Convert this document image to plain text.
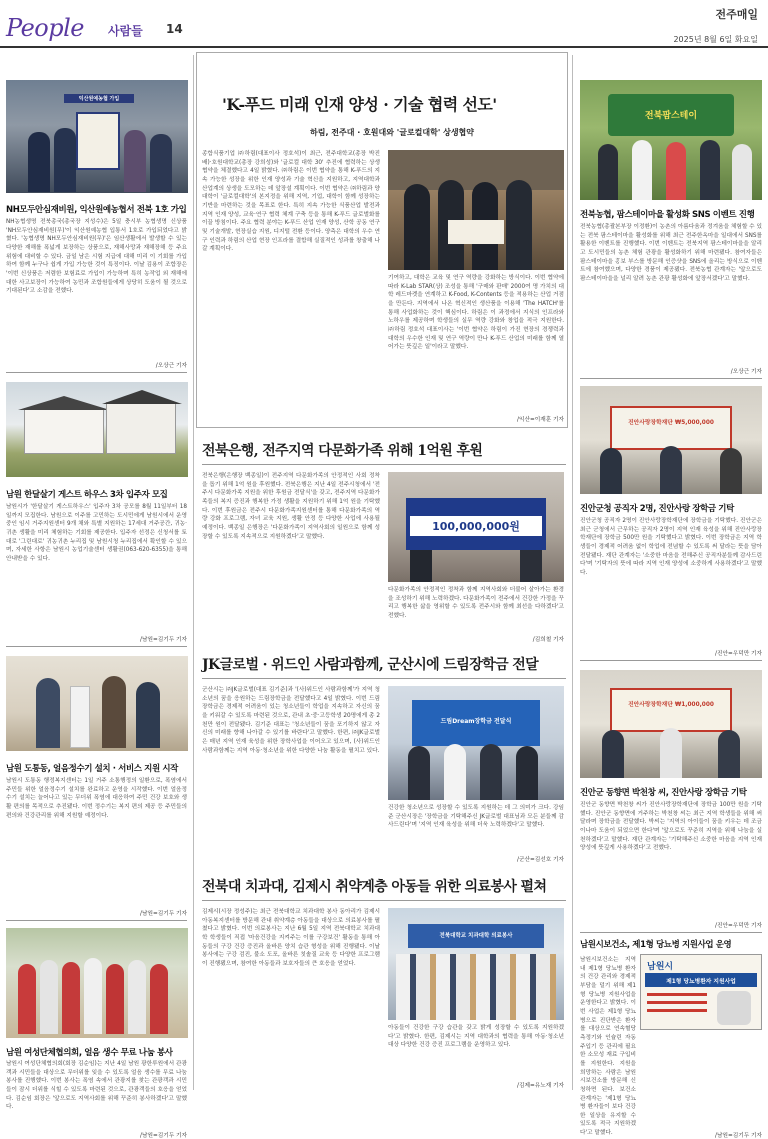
People 사람들 14
전주매일
2025년 8월 6일 화요일
익산원예농협 가입
NH모두안심재비원, 익산원예농협서 전북 1호 가입

NH농협생명 전북총국(총국장 지성수)은 5일 충시부 농협생명 신상품 'NH모두안심재비원(무)'이 익산원예농협 입통서 1호로 가입되었다고 밝혔다. '농협생명 NH모두안심재비원(무)'은 임산생활에서 발생할 수 있는 다양한 재해를 폭넓게 보장하는 상품으로, 재해사망과 재해장해 등 주요 위험에 대비할 수 있다. 금일 남은 시험 지급에 대해 미리 이 기회를 가입하여 함께 누구나 쉽게 가입 가능한 것이 특징이다. 이날 김용이 조합장은 '이번 신상품은 저렴한 보험료로 가입이 가능하며 특히 농작업 외 재해에 대한 사고보장이 가능하여 농민과 조합원들에게 상당히 도움이 될 것으로 기대된다'고 소감을 전했다.

/오상근 기자
남원 한달살기 게스트 하우스 3차 입주자 모집

남원시가 '한달살기 게스트하우스' 입주자 3차 공모를 8월 11일부터 18일까지 모집한다. 남원으로 이주를 고민하는 도시민에게 남원시에서 운영 중인 임시 거주지원센터 9개 채와 특별 지원하는 17세대 거주공간, 귀농·귀촌 생활을 미리 체험하는 기회를 제공한다. 입주자 선정은 신청서를 토대로 '그린대로' 귀농귀촌 누리집 및 남원시청 누리집에서 확인할 수 있으며, 자세한 사항은 남원시 농업기술센터 생활권(063-620-6355)을 통해 안내받을 수 있다.

/남원=김기두 기자
남원 도통동, 얼음정수기 설치 · 서비스 지원 시작

남원시 도통동 행정복지센터는 1일 거주 소통행정의 일환으로, 폭염에서 주민들 위한 얼음정수기 설치를 완료하고 운영을 시작했다. 이번 얼음정수기 설치는 늘어나고 있는 무더위 폭염에 대응하여 주민 건강 보호와 생활 편의를 목적으로 추진됐다. 이번 정수기는 복지 편의 제공 등 주민들의 편의와 건강관리를 위해 지원할 예정이다.

/남원=김기두 기자
남원 여성단체협의회, 얼음 생수 무료 나눔 봉사

남원시 여성단체협의회(회장 김순임)는 지난 4일 남원 광한루원에서 관광객과 시민들을 대상으로 무더위를 잊을 수 있도록 얼음 생수를 무료 나눔 봉사를 진행했다. 이번 봉사는 폭염 속에서 관광지를 찾는 관광객과 시민들이 잠시 더위를 식힐 수 있도록 마련된 것으로, 관광객들의 호응을 얻었다. 김순임 회장은 '앞으로도 지역사회를 위해 꾸준히 봉사하겠다'고 말했다.

/남원=김기두 기자
'K-푸드 미래 인재 양성 · 기술 협력 선도'
하림, 전주대 · 호원대와 '글로컬대학' 상생협약

종합식품기업 ㈜하림(대표이사 정호석)이 최근, 전주대학교(총장 박진배)·호원대학교(총장 강희성)와 '글로컬 대학 30' 추진에 협력하는 상생협약을 체결했다고 4일 밝혔다. ㈜하림은 이번 협약을 통해 K-푸드의 지속 가능한 성장을 위한 인재 양성과 기술 혁신을 지원하고, 지역대학과 산업계의 상생을 도모하는 데 앞장설 계획이다. 이번 협약은 ㈜하림과 양 대학이 '글로컬대학'의 본지정을 위해 지역, 기업, 대학이 함께 성장하는 기반을 마련하는 것을 목표로 한다. 특히 지속 가능한 식품산업 발전과 지역 인재 양성, 교육·연구 협력 체계 구축 등을 통해 K-푸드 글로벌화를 이끌 방침이다. 주요 협력 분야는 K-푸드 산업 인재 양성, 산학 공동 연구 및 기술개발, 현장실습 지원, 디지털 전환 등이다. 양측은 대학의 우수 연구 인력과 하림의 산업 현장 인프라를 결합해 실질적인 성과를 창출해 나갈 계획이다.

기여하고, 대학은 교육 및 연구 역량을 강화하는 방식이다. 이번 협약에 따라 K-Lab STAR(상) 조성을 통해 '구매와 판매' 2000여 명 가치의 대학 레드마켓을 연계하고 K-Food, K-Contents 등을 적용하는 산업 거점을 만든다. 지역에서 나온 혁신적인 생산품을 이용해 'The HATCH'를 통해 사업화하는 것이 핵심이다. 하림은 이 과정에서 지식의 인프라와 노하우를 제공하며 학생들의 실무 역량 강화와 창업을 적극 지원한다. ㈜하림 정호석 대표이사는 '이번 협약은 하림이 가진 현장의 경쟁력과 대학의 우수한 인재 및 연구 역량이 만나 K-푸드 산업의 미래를 함께 열어가는 뜻깊은 일'이라고 말했다.

/익산=이재훈 기자
전북은행, 전주지역 다문화가족 위해 1억원 후원

전북은행(은행장 백종일)이 전주지역 다문화가족의 안정적인 사회 정착을 돕기 위해 1억 원을 후원했다. 전북은행은 지난 4일 전주시청에서 '전주시 다문화가족 지원을 위한 후원금 전달식'을 갖고, 전주지역 다문화가족들의 복지 증진과 행복한 가정 생활을 지원하기 위해 1억 원을 기탁했다. 이번 후원금은 전주시 다문화가족지원센터를 통해 다문화가족의 역량 강화 프로그램, 자녀 교육 지원, 생활 안정 등 다양한 사업에 사용될 예정이다. 백종일 은행장은 '다문화가족이 지역사회의 일원으로 함께 성장할 수 있도록 지속적으로 지원하겠다'고 말했다.

100,000,000원

다문화가족의 안정적인 정착과 함께 지역사회와 더불어 살아가는 환경을 조성하기 위해 노력하겠다. 다문화가족이 전주에서 건강한 가정을 꾸리고 행복한 삶을 영위할 수 있도록 전주시와 함께 최선을 다하겠다'고 전했다.

/김희철 기자
JK글로벌 · 위드인 사람과함께, 군산시에 드림장학금 전달

군산시는 ㈜JK글로벌(대표 김기준)과 '(사)위드인 사람과함께'가 지역 청소년의 꿈을 응원하는 드림장학금을 전달했다고 4일 밝혔다. 이번 드림장학금은 경제적 어려움이 있는 청소년들이 학업을 지속하고 자신의 꿈을 키워갈 수 있도록 마련된 것으로, 관내 초·중·고등학생 20명에게 총 2천만 원이 전달됐다. 김기준 대표는 '청소년들이 꿈을 포기하지 않고 자신의 미래를 향해 나아갈 수 있기를 바란다'고 말했다. 한편, ㈜JK글로벌은 매년 지역 인재 육성을 위한 장학사업을 이어오고 있으며, (사)위드인 사람과함께는 지역 아동·청소년을 위한 다양한 나눔 활동을 펼치고 있다.

드림Dream장학금 전달식

건강한 청소년으로 성장할 수 있도록 지원하는 데 그 의미가 크다. 강임준 군산시장은 '장학금을 기탁해주신 JK글로벌 대표님과 모든 분들께 감사드린다'며 '지역 인재 육성을 위해 더욱 노력하겠다'고 말했다.

/군산=김선호 기자
전북대 치과대, 김제시 취약계층 아동들 위한 의료봉사 펼쳐

김제시(시장 정성주)는 최근 전북대학교 치과대학 봉사 동아리가 김제시아동복지센터를 방문해 관내 취약계층 아동들을 대상으로 의료봉사를 펼쳤다고 밝혔다. 이번 의료봉사는 지난 6월 5일 지역 전북대학교 치과대학 학생들이 직접 '마음건강을 지켜주는 이를 구강보건' 활동을 통해 아동들의 구강 건강 증진과 올바른 양치 습관 형성을 위해 진행됐다. 이날 봉사에는 구강 검진, 불소 도포, 올바른 칫솔질 교육 등 다양한 프로그램이 진행됐으며, 참여한 아동들과 보호자들의 큰 호응을 얻었다.

전북대학교 치과대학 의료봉사

아동들이 건강한 구강 습관을 갖고 밝게 성장할 수 있도록 지원하겠다'고 밝혔다. 한편, 김제시는 지역 대학과의 협력을 통해 아동·청소년 대상 다양한 건강 증진 프로그램을 운영하고 있다.

/김제=유노재 기자
전북팜스테이
전북농협, 팜스테이마을 활성화 SNS 이벤트 진행

전북농협(총괄본부장 이정환)이 농촌의 아름다움과 정겨움을 체험할 수 있는 전북 팜스테이마을 활성화를 위해 최근 전주한옥마을 일대에서 SNS를 활용한 이벤트를 진행했다. 이번 이벤트는 전북지역 팜스테이마을을 알리고 도시민들의 농촌 체험 관광을 활성화하기 위해 마련됐다. 참여자들은 팜스테이마을 홍보 부스를 방문해 인증샷을 SNS에 올리는 방식으로 이벤트에 참여했으며, 다양한 경품이 제공됐다. 전북농협 관계자는 '앞으로도 팜스테이마을을 널리 알려 농촌 관광 활성화에 앞장서겠다'고 말했다.

/오상근 기자
진안사랑장학재단 ₩5,000,000
진안군청 공직자 2명, 진안사랑 장학금 기탁

진안군청 공직자 2명이 진안사랑장학재단에 장학금을 기탁했다. 진안군은 최근 군청에서 근무하는 공직자 2명이 지역 인재 육성을 위해 진안사랑장학재단에 장학금 500만 원을 기탁했다고 밝혔다. 이번 장학금은 지역 학생들이 경제적 어려움 없이 학업에 전념할 수 있도록 써 달라는 뜻을 담아 전달됐다. 재단 관계자는 '소중한 마음을 전해주신 공직자분들께 감사드린다'며 '기탁자의 뜻에 따라 지역 인재 양성에 소중하게 사용하겠다'고 말했다.

/진안=우덕만 기자
진안사랑장학재단 ₩1,000,000
진안군 동향면 박천창 씨, 진안사랑 장학금 기탁

진안군 동향면 박천창 씨가 진안사랑장학재단에 장학금 100만 원을 기탁했다. 진안군 동향면에 거주하는 박천창 씨는 최근 지역 학생들을 위해 써 달라며 장학금을 전달했다. 박씨는 '지역의 아이들이 꿈을 키우는 데 조금이나마 도움이 되었으면 한다'며 '앞으로도 꾸준히 지역을 위해 나눔을 실천하겠다'고 말했다. 재단 관계자는 '기탁해주신 소중한 마음을 지역 인재 양성에 뜻깊게 사용하겠다'고 전했다.

/진안=우덕만 기자
남원시보건소, 제1형 당뇨병 지원사업 운영

남원시보건소는 지역 내 제1형 당뇨병 환자의 건강 관리와 경제적 부담을 덜기 위해 제1형 당뇨병 지원사업을 운영한다고 밝혔다. 이번 사업은 제1형 당뇨병으로 진단받은 환자를 대상으로 연속혈당측정기와 인슐린 자동주입기 등 관리에 필요한 소모성 재료 구입비를 지원한다. 지원을 희망하는 사람은 남원시보건소를 방문해 신청하면 된다. 보건소 관계자는 '제1형 당뇨병 환자들이 보다 건강한 일상을 유지할 수 있도록 적극 지원하겠다'고 말했다.

남원시
제1형 당뇨병환자 지원사업
/남원=김기두 기자
